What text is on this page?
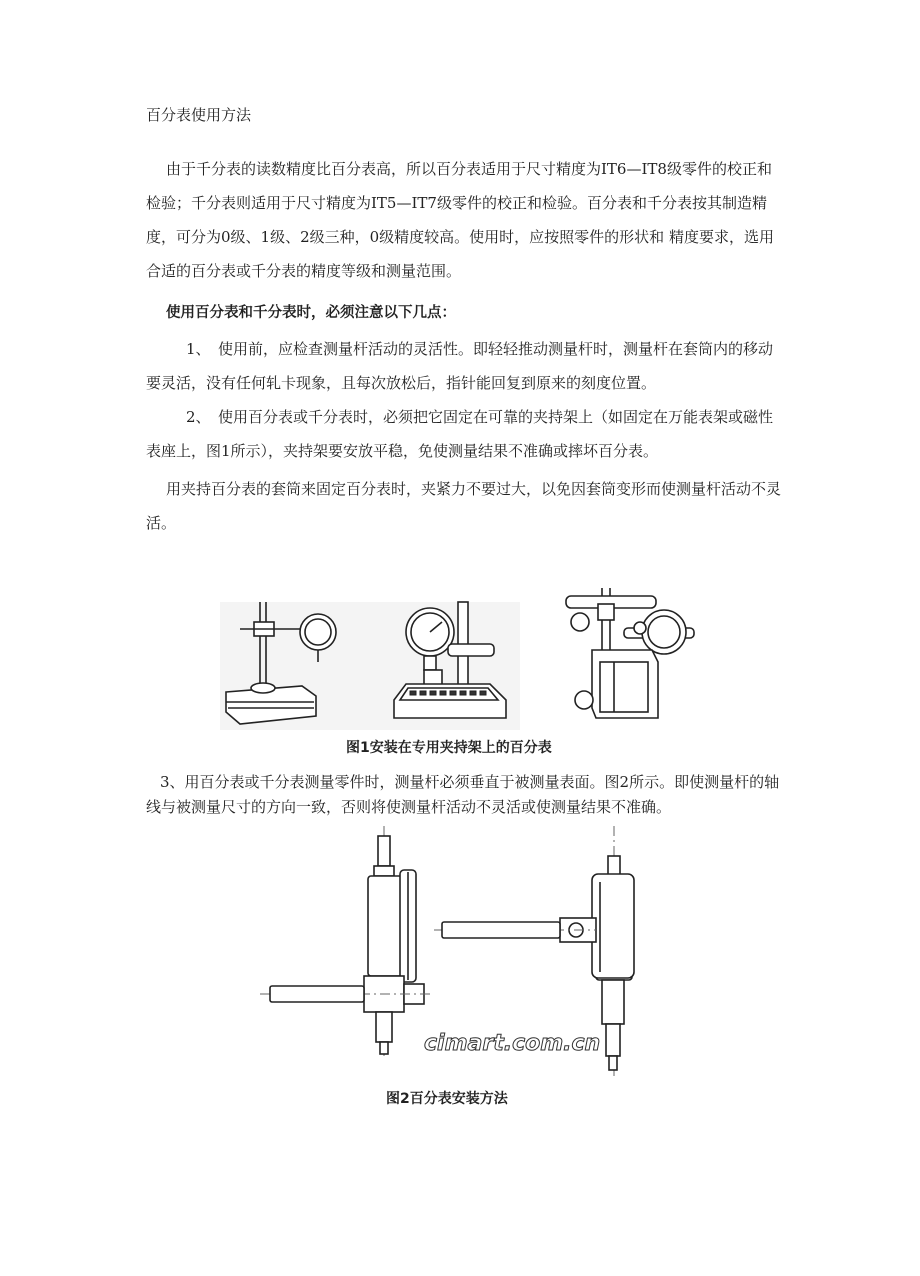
百分表使用方法

由于千分表的读数精度比百分表高，所以百分表适用于尺寸精度为IT6—IT8级零件的校正和检验；千分表则适用于尺寸精度为IT5—IT7级零件的校正和检验。百分表和千分表按其制造精度，可分为0级、1级、2级三种，0级精度较高。使用时，应按照零件的形状和 精度要求，选用合适的百分表或千分表的精度等级和测量范围。

使用百分表和千分表时，必须注意以下几点：

1、 使用前，应检查测量杆活动的灵活性。即轻轻推动测量杆时，测量杆在套筒内的移动 要灵活，没有任何轧卡现象，且每次放松后，指针能回复到原来的刻度位置。

2、 使用百分表或千分表时，必须把它固定在可靠的夹持架上（如固定在万能表架或磁性 表座上，图1所示），夹持架要安放平稳，免使测量结果不准确或摔坏百分表。

用夹持百分表的套筒来固定百分表时，夹紧力不要过大，以免因套筒变形而使测量杆活动不灵活。

图1安装在专用夹持架上的百分表

3、用百分表或千分表测量零件时，测量杆必须垂直于被测量表面。图2所示。即使测量杆的轴线与被测量尺寸的方向一致，否则将使测量杆活动不灵活或使测量结果不准确。

cimart.com.cn
图2百分表安装方法
